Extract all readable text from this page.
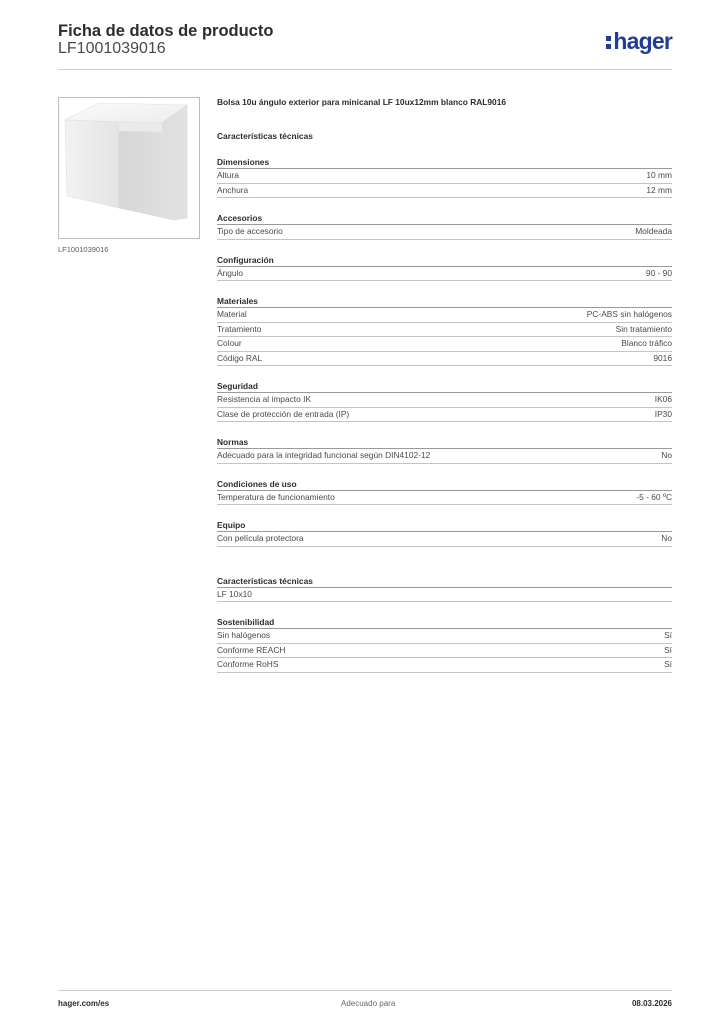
Ficha de datos de producto
LF1001039016	hager
LF1001039016
Bolsa 10u ángulo exterior para minicanal LF 10ux12mm blanco RAL9016
Características técnicas
Dimensiones
Altura	10 mm
Anchura	12 mm
Accesorios
Tipo de accesorio	Moldeada
Configuración
Ángulo	90 - 90
Materiales
Material	PC-ABS sin halógenos
Tratamiento	Sin tratamiento
Colour	Blanco tráfico
Código RAL	9016
Seguridad
Resistencia al impacto IK	IK06
Clase de protección de entrada (IP)	IP30
Normas
Adecuado para la integridad funcional según DIN4102-12	No
Condiciones de uso
Temperatura de funcionamiento	-5 - 60 ºC
Equipo
Con película protectora	No
Características técnicas
LF 10x10
Sostenibilidad
Sin halógenos	Sí
Conforme REACH	Sí
Conforme RoHS	Sí
hager.com/es	Adecuado para	08.03.2026
